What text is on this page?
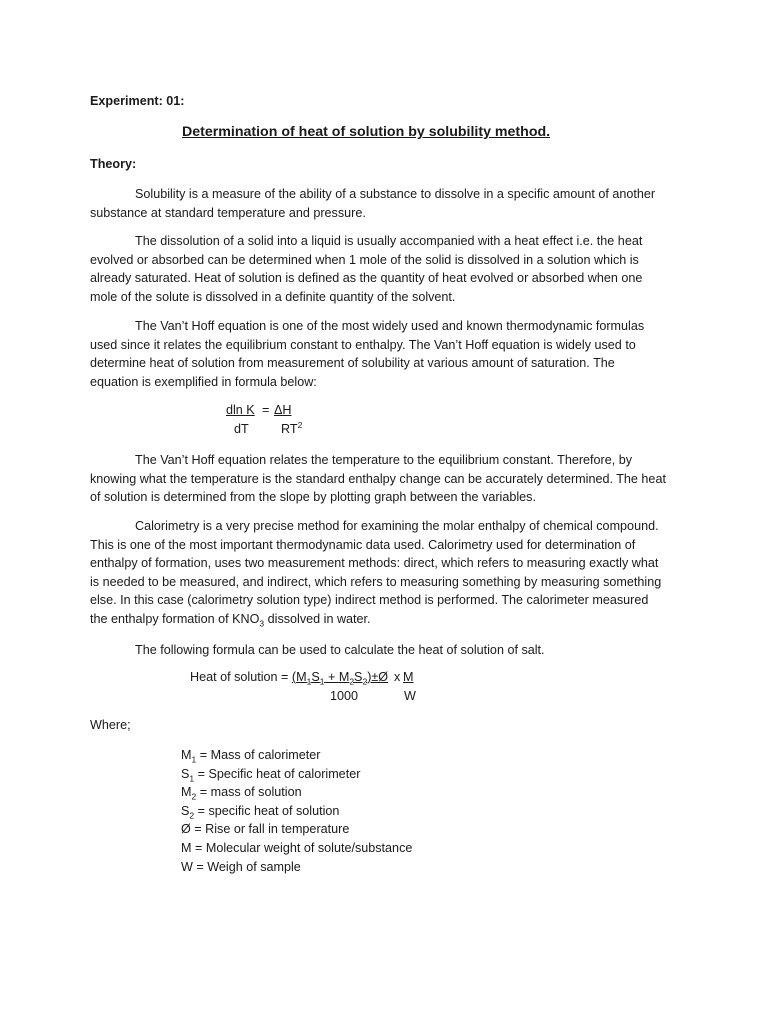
Experiment: 01:
Determination of heat of solution by solubility method.
Theory:
Solubility is a measure of the ability of a substance to dissolve in a specific amount of another
substance at standard temperature and pressure.
The dissolution of a solid into a liquid is usually accompanied with a heat effect i.e. the heat
evolved or absorbed can be determined when 1 mole of the solid is dissolved in a solution which is
already saturated. Heat of solution is defined as the quantity of heat evolved or absorbed when one
mole of the solute is dissolved in a definite quantity of the solvent.
The Van’t Hoff equation is one of the most widely used and known thermodynamic formulas
used since it relates the equilibrium constant to enthalpy. The Van’t Hoff equation is widely used to
determine heat of solution from measurement of solubility at various amount of saturation. The
equation is exemplified in formula below:
dln K = ΔH
dT	$RT^2$
The Van’t Hoff equation relates the temperature to the equilibrium constant. Therefore, by
knowing what the temperature is the standard enthalpy change can be accurately determined. The heat
of solution is determined from the slope by plotting graph between the variables.
Calorimetry is a very precise method for examining the molar enthalpy of chemical compound.
This is one of the most important thermodynamic data used. Calorimetry used for determination of
enthalpy of formation, uses two measurement methods: direct, which refers to measuring exactly what
is needed to be measured, and indirect, which refers to measuring something by measuring something
else. In this case (calorimetry solution type) indirect method is performed. The calorimeter measured
the enthalpy formation of $KNO_3$ dissolved in water.
The following formula can be used to calculate the heat of solution of salt.
Heat of solution = ($M_1S_1$ + $M_2S_2)\pm Ø$ x M
1000	W
Where;
$M_1$ = Mass of calorimeter
$S_1$ = Specific heat of calorimeter
$M_2$ = mass of solution
$S_2$ = specific heat of solution
Ø = Rise or fall in temperature
M = Molecular weight of solute/substance
W = Weigh of sample
